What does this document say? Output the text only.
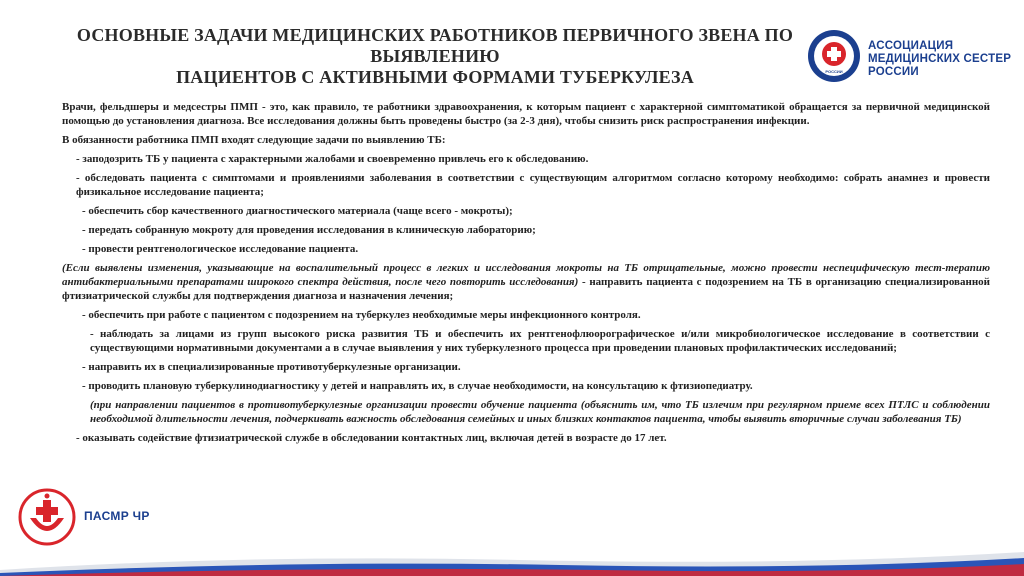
ОСНОВНЫЕ ЗАДАЧИ МЕДИЦИНСКИХ РАБОТНИКОВ ПЕРВИЧНОГО ЗВЕНА ПО ВЫЯВЛЕНИЮ
ПАЦИЕНТОВ С АКТИВНЫМИ ФОРМАМИ ТУБЕРКУЛЕЗА	РОССИИ
АССОЦИАЦИЯ
МЕДИЦИНСКИХ СЕСТЕР
РОССИИ

Врачи, фельдшеры и медсестры ПМП - это, как правило, те работники здравоохранения, к которым пациент с характерной симптоматикой обращается за первичной медицинской помощью до установления диагноза. Все исследования должны быть проведены быстро (за 2-3 дня), чтобы снизить риск распространения инфекции.

В обязанности работника ПМП входят следующие задачи по выявлению ТБ:

- заподозрить ТБ у пациента с характерными жалобами и своевременно привлечь его к обследованию.

- обследовать пациента с симптомами и проявлениями заболевания в соответствии с существующим алгоритмом согласно которому необходимо: собрать анамнез и провести физикальное исследование пациента;

- обеспечить сбор качественного диагностического материала (чаще всего - мокроты);

- передать собранную мокроту для проведения исследования в клиническую лабораторию;

- провести рентгенологическое исследование пациента.

(Если выявлены изменения, указывающие на воспалительный процесс в легких и исследования мокроты на ТБ отрицательные, можно провести неспецифическую тест-терапию антибактериальными препаратами широкого спектра действия, после чего повторить исследования) - направить пациента с подозрением на ТБ в организацию специализированной фтизиатрической службы для подтверждения диагноза и назначения лечения;

- обеспечить при работе с пациентом с подозрением на туберкулез необходимые меры инфекционного контроля.

- наблюдать за лицами из групп высокого риска развития ТБ и обеспечить их рентгенофлюорографическое и/или микробиологическое исследование в соответствии с существующими нормативными документами а в случае выявления у них туберкулезного процесса при проведении плановых профилактических исследований;

- направить их в специализированные противотуберкулезные организации.

- проводить плановую туберкулинодиагностику у детей и направлять их, в случае необходимости, на консультацию к фтизиопедиатру.

(при направлении пациентов в противотуберкулезные организации провести обучение пациента (объяснить им, что ТБ излечим при регулярном приеме всех ПТЛС и соблюдении необходимой длительности лечения, подчеркивать важность обследования семейных и иных близких контактов пациента, чтобы выявить вторичные случаи заболевания ТБ)

- оказывать содействие фтизиатрической службе в обследовании контактных лиц, включая детей в возрасте до 17 лет.

ПАСМР ЧР
